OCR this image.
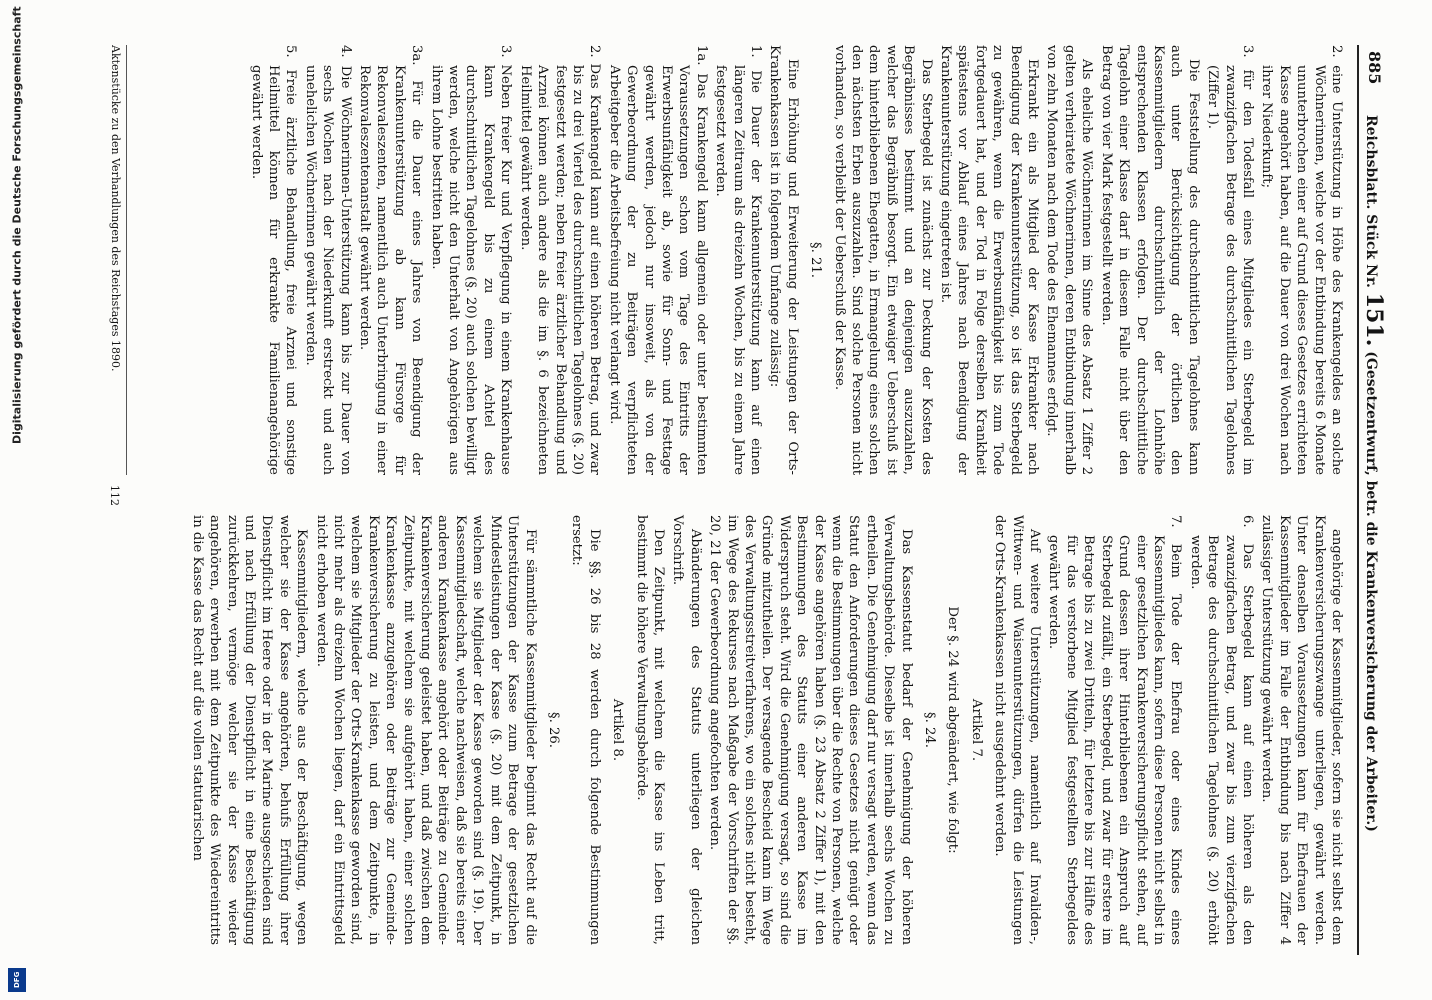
885
Reichsblatt. Stück Nr. 151. (Gesetzentwurf, betr. die Krankenversicherung der Arbeiter.)

2. eine Unterstützung in Höhe des Krankengeldes an solche Wöchnerinnen, welche vor der Entbindung bereits 6 Monate ununterbrochen einer auf Grund dieses Gesetzes errichteten Kasse angehört haben, auf die Dauer von drei Wochen nach ihrer Niederkunft;

3. für den Todesfall eines Mitgliedes ein Sterbegeld im zwanzigfachen Betrage des durchschnittlichen Tagelohnes (Ziffer 1).

Die Feststellung des durchschnittlichen Tagelohnes kann auch unter Berücksichtigung der örtlichen den Kassenmitgliedern durchschnittlich der Lohnhöhe entsprechenden Klassen erfolgen. Der durchschnittliche Tagelohn einer Klasse darf in diesem Falle nicht über den Betrag von vier Mark festgestellt werden.

Als eheliche Wöchnerinnen im Sinne des Absatz 1 Ziffer 2 gelten verheiratete Wöchnerinnen, deren Entbindung innerhalb von zehn Monaten nach dem Tode des Ehemannes erfolgt.

Erkrankt ein als Mitglied der Kasse Erkrankter nach Beendigung der Krankenunterstützung, so ist das Sterbegeld zu gewähren, wenn die Erwerbsunfähigkeit bis zum Tode fortgedauert hat, und der Tod in Folge derselben Krankheit spätestens vor Ablauf eines Jahres nach Beendigung der Krankenunterstützung eingetreten ist.

Das Sterbegeld ist zunächst zur Deckung der Kosten des Begräbnisses bestimmt und an denjenigen auszuzahlen, welcher das Begräbniß besorgt. Ein etwaiger Ueberschuß ist dem hinterbliebenen Ehegatten, in Ermangelung eines solchen den nächsten Erben auszuzahlen. Sind solche Personen nicht vorhanden, so verbleibt der Ueberschuß der Kasse.

§. 21.

Eine Erhöhung und Erweiterung der Leistungen der Orts-Krankenkassen ist in folgendem Umfange zulässig:

1. Die Dauer der Krankenunterstützung kann auf einen längeren Zeitraum als dreizehn Wochen, bis zu einem Jahre festgesetzt werden.

1a. Das Krankengeld kann allgemein oder unter bestimmten Voraussetzungen schon vom Tage des Eintritts der Erwerbsunfähigkeit ab, sowie für Sonn- und Festtage gewährt werden, jedoch nur insoweit, als von der Gewerbeordnung der zu Beiträgen verpflichteten Arbeitgeber die Arbeitsbefreiung nicht verlangt wird.

2. Das Krankengeld kann auf einen höheren Betrag, und zwar bis zu drei Viertel des durchschnittlichen Tagelohnes (§. 20) festgesetzt werden; neben freier ärztlicher Behandlung und Arznei können auch andere als die im §. 6 bezeichneten Heilmittel gewährt werden.

3. Neben freier Kur und Verpflegung in einem Krankenhause kann Krankengeld bis zu einem Achtel des durchschnittlichen Tagelohnes (§. 20) auch solchen bewilligt werden, welche nicht den Unterhalt von Angehörigen aus ihrem Lohne bestritten haben.

3a. Für die Dauer eines Jahres von Beendigung der Krankenunterstützung ab kann Fürsorge für Rekonvaleszenten, namentlich auch Unterbringung in einer Rekonvaleszentenanstalt gewährt werden.

4. Die Wöchnerinnen-Unterstützung kann bis zur Dauer von sechs Wochen nach der Niederkunft erstreckt und auch unehelichen Wöchnerinnen gewährt werden.

5. Freie ärztliche Behandlung, freie Arznei und sonstige Heilmittel können für erkrankte Familienangehörige gewährt werden.

angehörige der Kassenmitglieder, sofern sie nicht selbst dem Krankenversicherungszwange unterliegen, gewährt werden. Unter denselben Voraussetzungen kann für Ehefrauen der Kassenmitglieder im Falle der Entbindung bis nach Ziffer 4 zulässiger Unterstützung gewährt werden.

6. Das Sterbegeld kann auf einen höheren als den zwanzigfachen Betrag, und zwar bis zum vierzigfachen Betrage des durchschnittlichen Tagelohnes (§. 20) erhöht werden.

7. Beim Tode der Ehefrau oder eines Kindes eines Kassenmitgliedes kann, sofern diese Personen nicht selbst in einer gesetzlichen Krankenversicherungspflicht stehen, auf Grund dessen ihrer Hinterbliebenen ein Anspruch auf Sterbegeld zufällt, ein Sterbegeld, und zwar für erstere im Betrage bis zu zwei Dritteln, für letztere bis zur Hälfte des für das verstorbene Mitglied festgestellten Sterbegeldes gewährt werden.

Auf weitere Unterstützungen, namentlich auf Invaliden-, Wittwen- und Waisenunterstützungen, dürfen die Leistungen der Orts-Krankenkassen nicht ausgedehnt werden.

Artikel 7.

Der §. 24 wird abgeändert, wie folgt:

§. 24.

Das Kassenstatut bedarf der Genehmigung der höheren Verwaltungsbehörde. Dieselbe ist innerhalb sechs Wochen zu ertheilen. Die Genehmigung darf nur versagt werden, wenn das Statut den Anforderungen dieses Gesetzes nicht genügt oder wenn die Bestimmungen über die Rechte von Personen, welche der Kasse angehören haben (§. 23 Absatz 2 Ziffer 1), mit den Bestimmungen des Statuts einer anderen Kasse im Widerspruch steht. Wird die Genehmigung versagt, so sind die Gründe mitzutheilen. Der versagende Bescheid kann im Wege des Verwaltungsstreitverfahrens, wo ein solches nicht besteht, im Wege des Rekurses nach Maßgabe der Vorschriften der §§. 20, 21 der Gewerbeordnung angefochten werden.

Abänderungen des Statuts unterliegen der gleichen Vorschrift.

Den Zeitpunkt, mit welchem die Kasse ins Leben tritt, bestimmt die höhere Verwaltungsbehörde.

Artikel 8.

Die §§. 26 bis 28 werden durch folgende Bestimmungen ersetzt:

§. 26.

Für sämmtliche Kassenmitglieder beginnt das Recht auf die Unterstützungen der Kasse zum Betrage der gesetzlichen Mindestleistungen der Kasse (§. 20) mit dem Zeitpunkt, in welchem sie Mitglieder der Kasse geworden sind (§. 19). Der Kassenmitgliedschaft, welche nachweisen, daß sie bereits einer anderen Krankenkasse angehört oder Beiträge zu Gemeinde-Krankenversicherung geleistet haben, und daß zwischen dem Zeitpunkte, mit welchem sie aufgehört haben, einer solchen Krankenkasse anzugehören oder Beiträge zur Gemeinde-Krankenversicherung zu leisten, und dem Zeitpunkte, in welchem sie Mitglieder der Orts-Krankenkasse geworden sind, nicht mehr als dreizehn Wochen liegen, darf ein Eintrittsgeld nicht erhoben werden.

Kassenmitgliedern, welche aus der Beschäftigung, wegen welcher sie der Kasse angehörten, behufs Erfüllung ihrer Dienstpflicht im Heere oder in der Marine ausgeschieden sind und nach Erfüllung der Dienstpflicht in eine Beschäftigung zurückkehren, vermöge welcher sie der Kasse wieder angehören, erwerben mit dem Zeitpunkte des Wiedereintritts in die Kasse das Recht auf die vollen statutarischen

Aktenstücke zu den Verhandlungen des Reichstages 1890.
112
Digitalisierung gefördert durch die Deutsche Forschungsgemeinschaft
DFG
